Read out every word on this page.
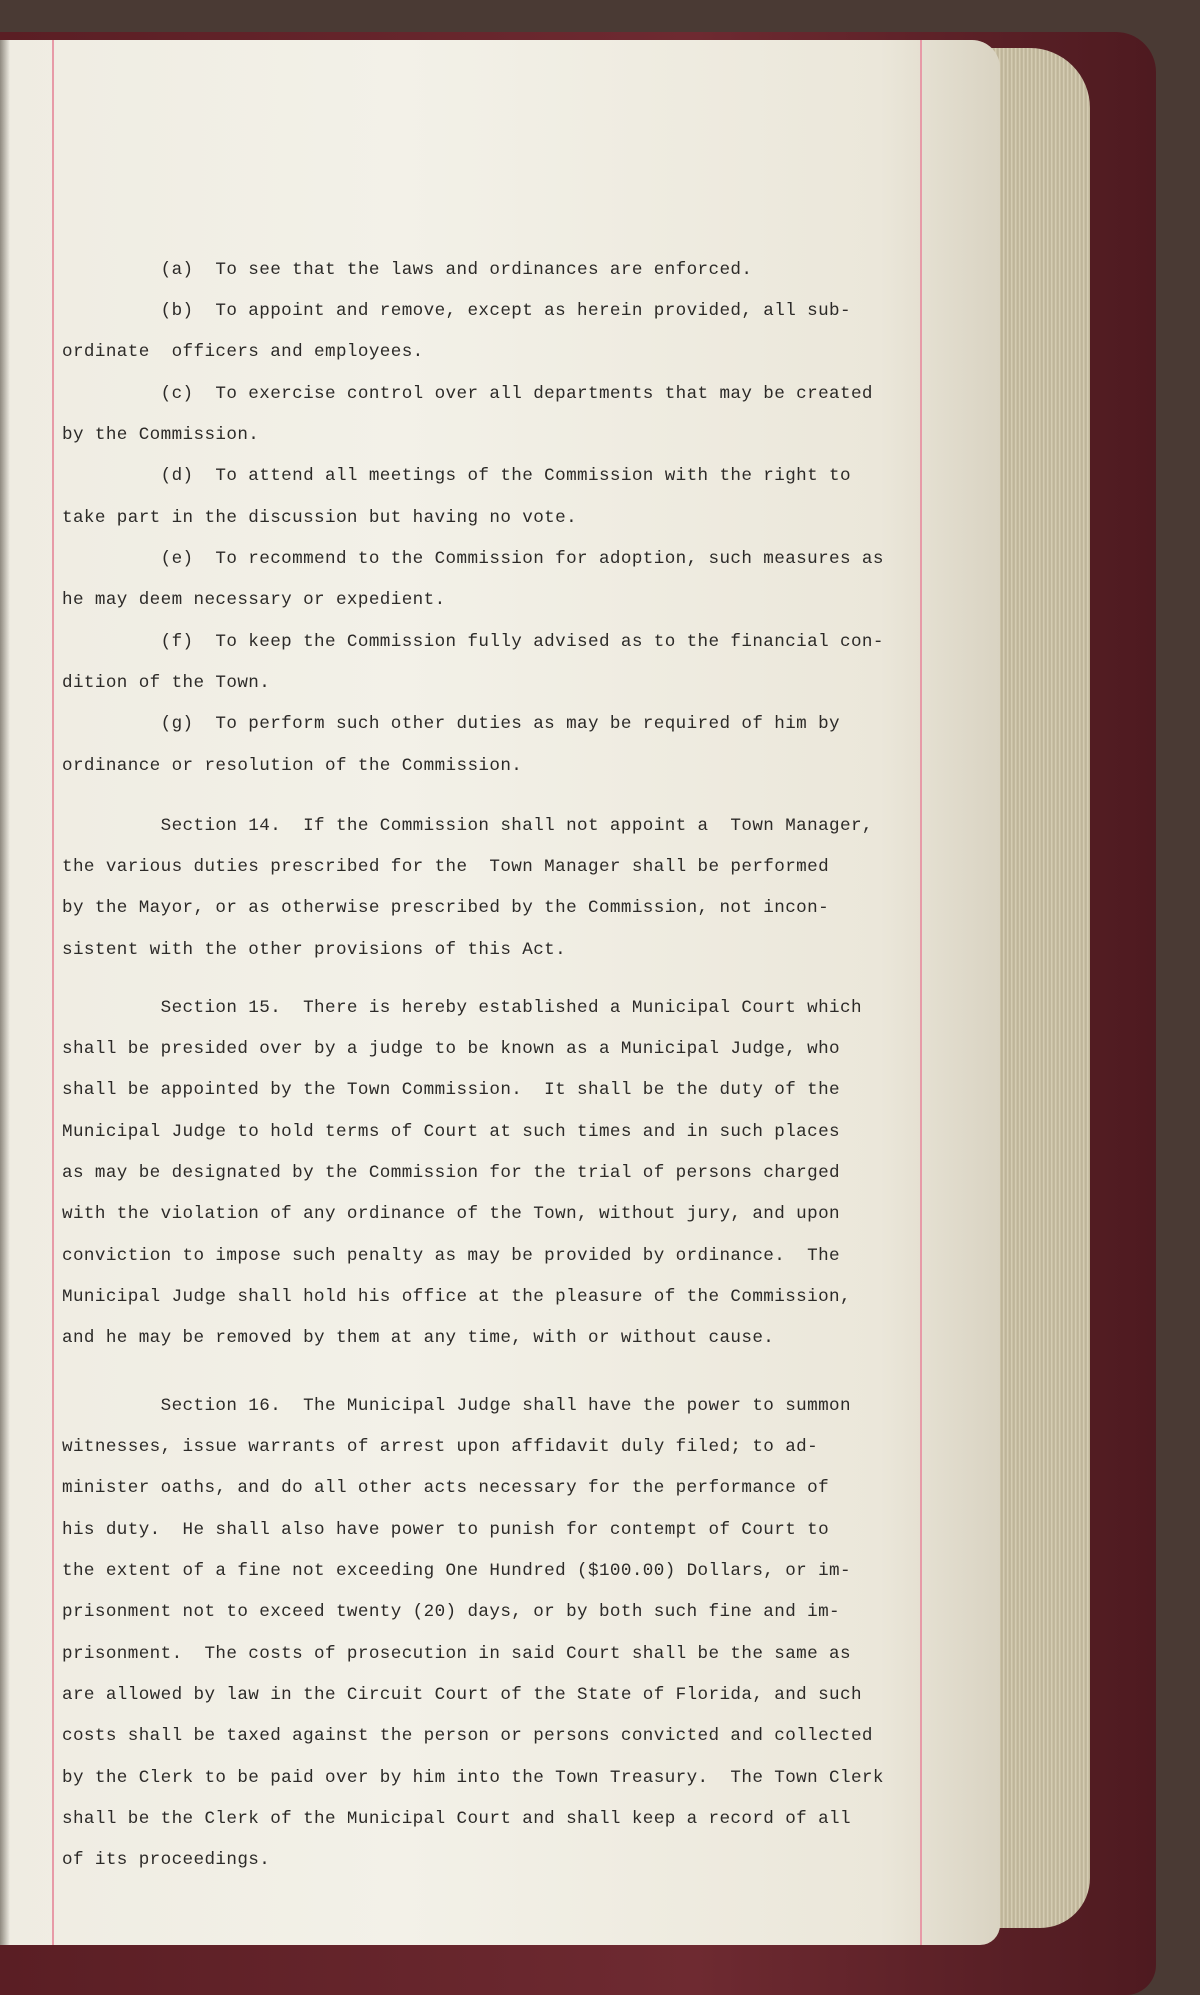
(a)  To see that the laws and ordinances are enforced.

(b)  To appoint and remove, except as herein provided, all sub-

ordinate  officers and employees.

(c)  To exercise control over all departments that may be created

by the Commission.

(d)  To attend all meetings of the Commission with the right to

take part in the discussion but having no vote.

(e)  To recommend to the Commission for adoption, such measures as

he may deem necessary or expedient.

(f)  To keep the Commission fully advised as to the financial con-

dition of the Town.

(g)  To perform such other duties as may be required of him by

ordinance or resolution of the Commission.

Section 14.  If the Commission shall not appoint a  Town Manager,

the various duties prescribed for the  Town Manager shall be performed

by the Mayor, or as otherwise prescribed by the Commission, not incon-

sistent with the other provisions of this Act.

Section 15.  There is hereby established a Municipal Court which

shall be presided over by a judge to be known as a Municipal Judge, who

shall be appointed by the Town Commission.  It shall be the duty of the

Municipal Judge to hold terms of Court at such times and in such places

as may be designated by the Commission for the trial of persons charged

with the violation of any ordinance of the Town, without jury, and upon

conviction to impose such penalty as may be provided by ordinance.  The

Municipal Judge shall hold his office at the pleasure of the Commission,

and he may be removed by them at any time, with or without cause.

Section 16.  The Municipal Judge shall have the power to summon

witnesses, issue warrants of arrest upon affidavit duly filed; to ad-

minister oaths, and do all other acts necessary for the performance of

his duty.  He shall also have power to punish for contempt of Court to

the extent of a fine not exceeding One Hundred ($100.00) Dollars, or im-

prisonment not to exceed twenty (20) days, or by both such fine and im-

prisonment.  The costs of prosecution in said Court shall be the same as

are allowed by law in the Circuit Court of the State of Florida, and such

costs shall be taxed against the person or persons convicted and collected

by the Clerk to be paid over by him into the Town Treasury.  The Town Clerk

shall be the Clerk of the Municipal Court and shall keep a record of all

of its proceedings.
